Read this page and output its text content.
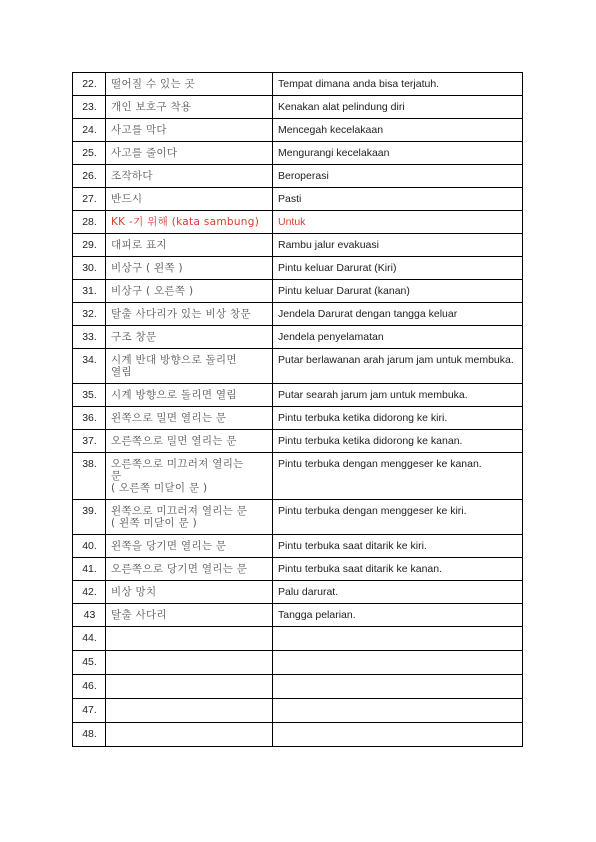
22.	떨어질 수 있는 곳	Tempat dimana anda bisa terjatuh.
23.	개인 보호구 착용	Kenakan alat pelindung diri
24.	사고를 막다	Mencegah kecelakaan
25.	사고를 줄이다	Mengurangi kecelakaan
26.	조작하다	Beroperasi
27.	반드시	Pasti
28.	KK -기 위해 (kata sambung)	Untuk
29.	대피로 표지	Rambu jalur evakuasi
30.	비상구 ( 왼쪽 )	Pintu keluar Darurat (Kiri)
31.	비상구 ( 오른쪽 )	Pintu keluar Darurat (kanan)
32.	탈출 사다리가 있는 비상 창문	Jendela Darurat dengan tangga keluar
33.	구조 창문	Jendela penyelamatan
34.	시계 반대 방향으로 돌리면
열림	Putar berlawanan arah jarum jam untuk membuka.
35.	시계 방향으로 돌리면 열림	Putar searah jarum jam untuk membuka.
36.	왼쪽으로 밀면 열리는 문	Pintu terbuka ketika didorong ke kiri.
37.	오른쪽으로 밀면 열리는 문	Pintu terbuka ketika didorong ke kanan.
38.	오른쪽으로 미끄러져 열리는
문
( 오른쪽 미닫이 문 )	Pintu terbuka dengan menggeser ke kanan.
39.	왼쪽으로 미끄러져 열리는 문
( 왼쪽 미닫이 문 )	Pintu terbuka dengan menggeser ke kiri.
40.	왼쪽을 당기면 열리는 문	Pintu terbuka saat ditarik ke kiri.
41.	오른쪽으로 당기면 열리는 문	Pintu terbuka saat ditarik ke kanan.
42.	비상 망치	Palu darurat.
43	탈출 사다리	Tangga pelarian.
44.	

45.	

46.	

47.	

48.	
